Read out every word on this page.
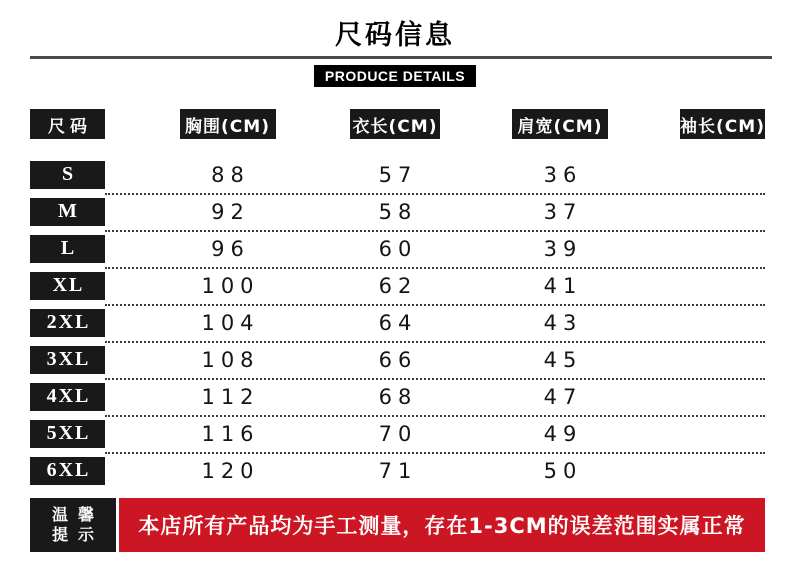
尺码信息
PRODUCE DETAILS
尺码	胸围(CM)	衣长(CM)	肩宽(CM)	袖长(CM)
S	88	57	36
M	92	58	37
L	96	60	39
XL	100	62	41
2XL	104	64	43
3XL	108	66	45
4XL	112	68	47
5XL	116	70	49
6XL	120	71	50
温馨
提示	本店所有产品均为手工测量，存在1-3CM的误差范围实属正常
